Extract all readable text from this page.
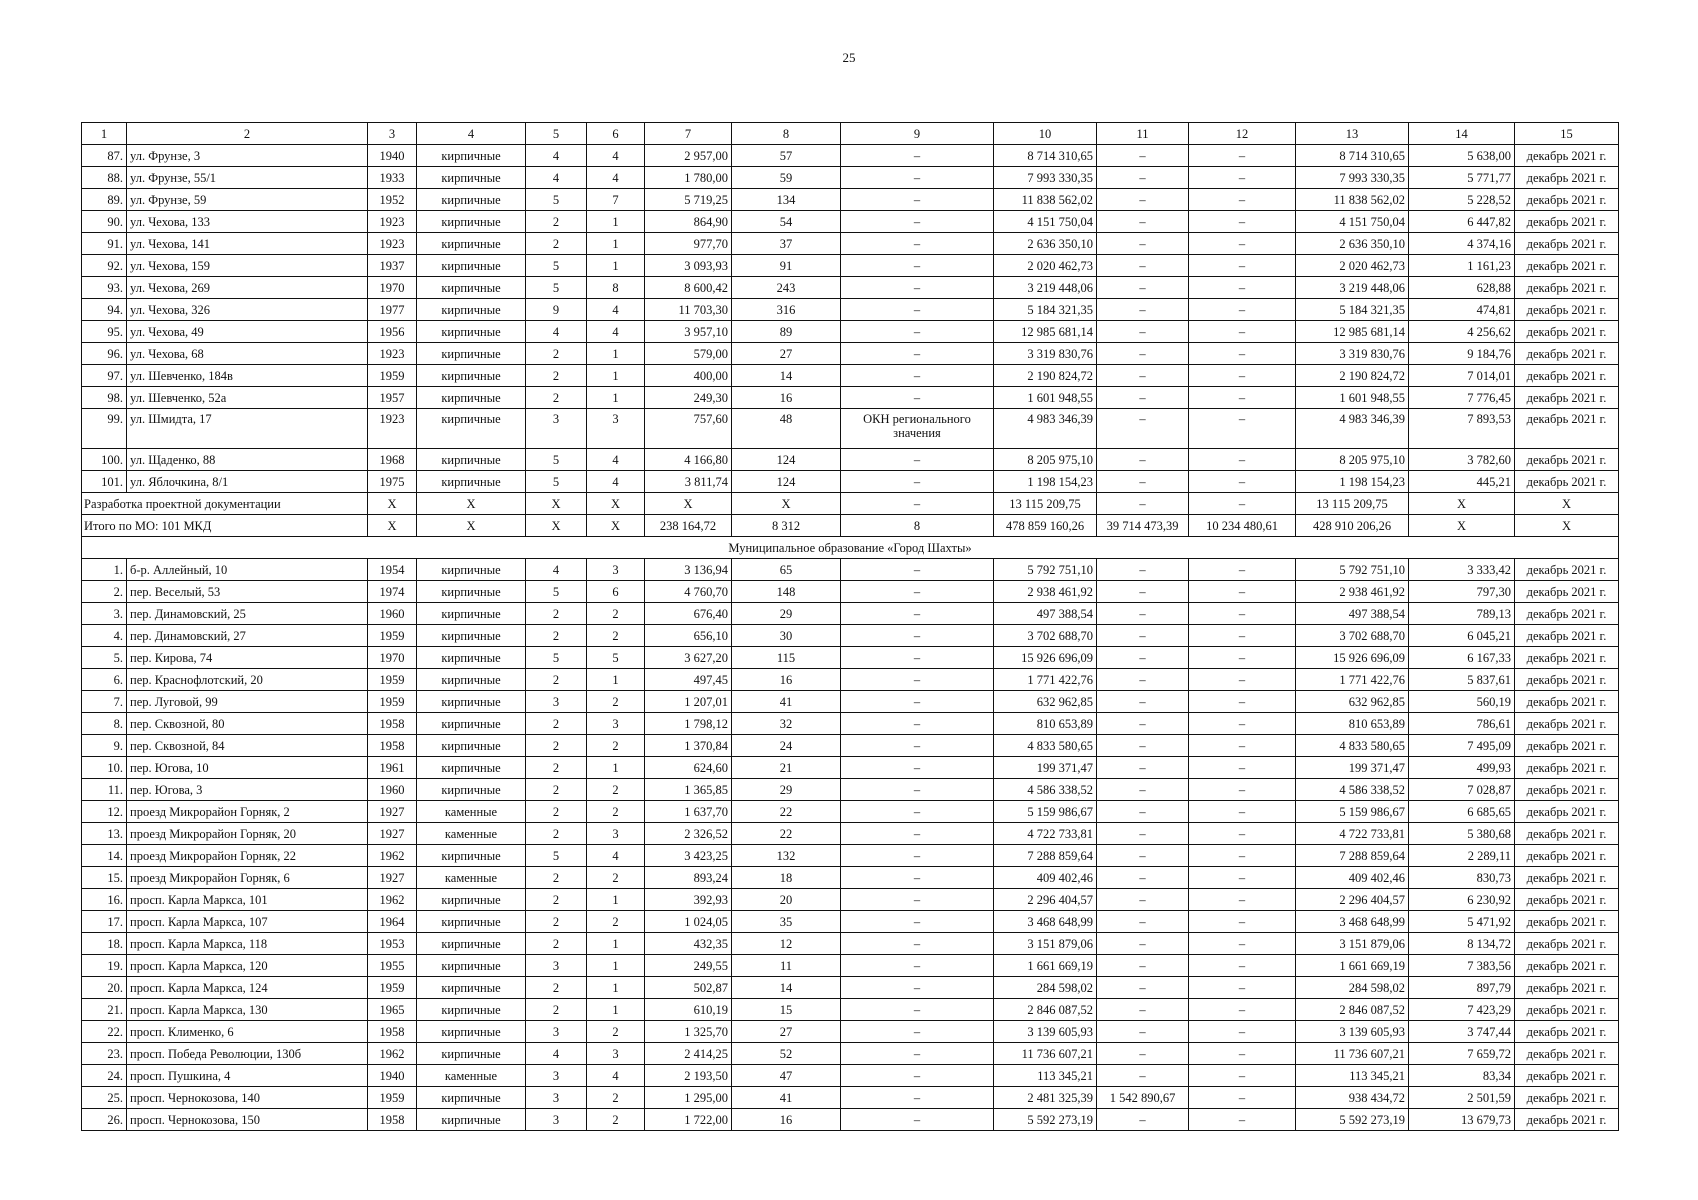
25
1	2	3	4	5	6	7	8	9	10	11	12	13	14	15
87.	ул. Фрунзе, 3	1940	кирпичные	4	4	2 957,00	57	–	8 714 310,65	–	–	8 714 310,65	5 638,00	декабрь 2021 г.
88.	ул. Фрунзе, 55/1	1933	кирпичные	4	4	1 780,00	59	–	7 993 330,35	–	–	7 993 330,35	5 771,77	декабрь 2021 г.
89.	ул. Фрунзе, 59	1952	кирпичные	5	7	5 719,25	134	–	11 838 562,02	–	–	11 838 562,02	5 228,52	декабрь 2021 г.
90.	ул. Чехова, 133	1923	кирпичные	2	1	864,90	54	–	4 151 750,04	–	–	4 151 750,04	6 447,82	декабрь 2021 г.
91.	ул. Чехова, 141	1923	кирпичные	2	1	977,70	37	–	2 636 350,10	–	–	2 636 350,10	4 374,16	декабрь 2021 г.
92.	ул. Чехова, 159	1937	кирпичные	5	1	3 093,93	91	–	2 020 462,73	–	–	2 020 462,73	1 161,23	декабрь 2021 г.
93.	ул. Чехова, 269	1970	кирпичные	5	8	8 600,42	243	–	3 219 448,06	–	–	3 219 448,06	628,88	декабрь 2021 г.
94.	ул. Чехова, 326	1977	кирпичные	9	4	11 703,30	316	–	5 184 321,35	–	–	5 184 321,35	474,81	декабрь 2021 г.
95.	ул. Чехова, 49	1956	кирпичные	4	4	3 957,10	89	–	12 985 681,14	–	–	12 985 681,14	4 256,62	декабрь 2021 г.
96.	ул. Чехова, 68	1923	кирпичные	2	1	579,00	27	–	3 319 830,76	–	–	3 319 830,76	9 184,76	декабрь 2021 г.
97.	ул. Шевченко, 184в	1959	кирпичные	2	1	400,00	14	–	2 190 824,72	–	–	2 190 824,72	7 014,01	декабрь 2021 г.
98.	ул. Шевченко, 52а	1957	кирпичные	2	1	249,30	16	–	1 601 948,55	–	–	1 601 948,55	7 776,45	декабрь 2021 г.
99.	ул. Шмидта, 17	1923	кирпичные	3	3	757,60	48	ОКН регионального значения	4 983 346,39	–	–	4 983 346,39	7 893,53	декабрь 2021 г.
100.	ул. Щаденко, 88	1968	кирпичные	5	4	4 166,80	124	–	8 205 975,10	–	–	8 205 975,10	3 782,60	декабрь 2021 г.
101.	ул. Яблочкина, 8/1	1975	кирпичные	5	4	3 811,74	124	–	1 198 154,23	–	–	1 198 154,23	445,21	декабрь 2021 г.
Разработка проектной документации		Х	Х	Х	Х	Х	Х	–	13 115 209,75	–	–	13 115 209,75	Х	Х
Итого по МО: 101 МКД		Х	Х	Х	Х	238 164,72	8 312	8	478 859 160,26	39 714 473,39	10 234 480,61	428 910 206,26	Х	Х
Муниципальное образование «Город Шахты»														
1.	б-р. Аллейный, 10	1954	кирпичные	4	3	3 136,94	65	–	5 792 751,10	–	–	5 792 751,10	3 333,42	декабрь 2021 г.
2.	пер. Веселый, 53	1974	кирпичные	5	6	4 760,70	148	–	2 938 461,92	–	–	2 938 461,92	797,30	декабрь 2021 г.
3.	пер. Динамовский, 25	1960	кирпичные	2	2	676,40	29	–	497 388,54	–	–	497 388,54	789,13	декабрь 2021 г.
4.	пер. Динамовский, 27	1959	кирпичные	2	2	656,10	30	–	3 702 688,70	–	–	3 702 688,70	6 045,21	декабрь 2021 г.
5.	пер. Кирова, 74	1970	кирпичные	5	5	3 627,20	115	–	15 926 696,09	–	–	15 926 696,09	6 167,33	декабрь 2021 г.
6.	пер. Краснофлотский, 20	1959	кирпичные	2	1	497,45	16	–	1 771 422,76	–	–	1 771 422,76	5 837,61	декабрь 2021 г.
7.	пер. Луговой, 99	1959	кирпичные	3	2	1 207,01	41	–	632 962,85	–	–	632 962,85	560,19	декабрь 2021 г.
8.	пер. Сквозной, 80	1958	кирпичные	2	3	1 798,12	32	–	810 653,89	–	–	810 653,89	786,61	декабрь 2021 г.
9.	пер. Сквозной, 84	1958	кирпичные	2	2	1 370,84	24	–	4 833 580,65	–	–	4 833 580,65	7 495,09	декабрь 2021 г.
10.	пер. Югова, 10	1961	кирпичные	2	1	624,60	21	–	199 371,47	–	–	199 371,47	499,93	декабрь 2021 г.
11.	пер. Югова, 3	1960	кирпичные	2	2	1 365,85	29	–	4 586 338,52	–	–	4 586 338,52	7 028,87	декабрь 2021 г.
12.	проезд Микрорайон Горняк, 2	1927	каменные	2	2	1 637,70	22	–	5 159 986,67	–	–	5 159 986,67	6 685,65	декабрь 2021 г.
13.	проезд Микрорайон Горняк, 20	1927	каменные	2	3	2 326,52	22	–	4 722 733,81	–	–	4 722 733,81	5 380,68	декабрь 2021 г.
14.	проезд Микрорайон Горняк, 22	1962	кирпичные	5	4	3 423,25	132	–	7 288 859,64	–	–	7 288 859,64	2 289,11	декабрь 2021 г.
15.	проезд Микрорайон Горняк, 6	1927	каменные	2	2	893,24	18	–	409 402,46	–	–	409 402,46	830,73	декабрь 2021 г.
16.	просп. Карла Маркса, 101	1962	кирпичные	2	1	392,93	20	–	2 296 404,57	–	–	2 296 404,57	6 230,92	декабрь 2021 г.
17.	просп. Карла Маркса, 107	1964	кирпичные	2	2	1 024,05	35	–	3 468 648,99	–	–	3 468 648,99	5 471,92	декабрь 2021 г.
18.	просп. Карла Маркса, 118	1953	кирпичные	2	1	432,35	12	–	3 151 879,06	–	–	3 151 879,06	8 134,72	декабрь 2021 г.
19.	просп. Карла Маркса, 120	1955	кирпичные	3	1	249,55	11	–	1 661 669,19	–	–	1 661 669,19	7 383,56	декабрь 2021 г.
20.	просп. Карла Маркса, 124	1959	кирпичные	2	1	502,87	14	–	284 598,02	–	–	284 598,02	897,79	декабрь 2021 г.
21.	просп. Карла Маркса, 130	1965	кирпичные	2	1	610,19	15	–	2 846 087,52	–	–	2 846 087,52	7 423,29	декабрь 2021 г.
22.	просп. Клименко, 6	1958	кирпичные	3	2	1 325,70	27	–	3 139 605,93	–	–	3 139 605,93	3 747,44	декабрь 2021 г.
23.	просп. Победа Революции, 130б	1962	кирпичные	4	3	2 414,25	52	–	11 736 607,21	–	–	11 736 607,21	7 659,72	декабрь 2021 г.
24.	просп. Пушкина, 4	1940	каменные	3	4	2 193,50	47	–	113 345,21	–	–	113 345,21	83,34	декабрь 2021 г.
25.	просп. Чернокозова, 140	1959	кирпичные	3	2	1 295,00	41	–	2 481 325,39	1 542 890,67	–	938 434,72	2 501,59	декабрь 2021 г.
26.	просп. Чернокозова, 150	1958	кирпичные	3	2	1 722,00	16	–	5 592 273,19	–	–	5 592 273,19	13 679,73	декабрь 2021 г.
